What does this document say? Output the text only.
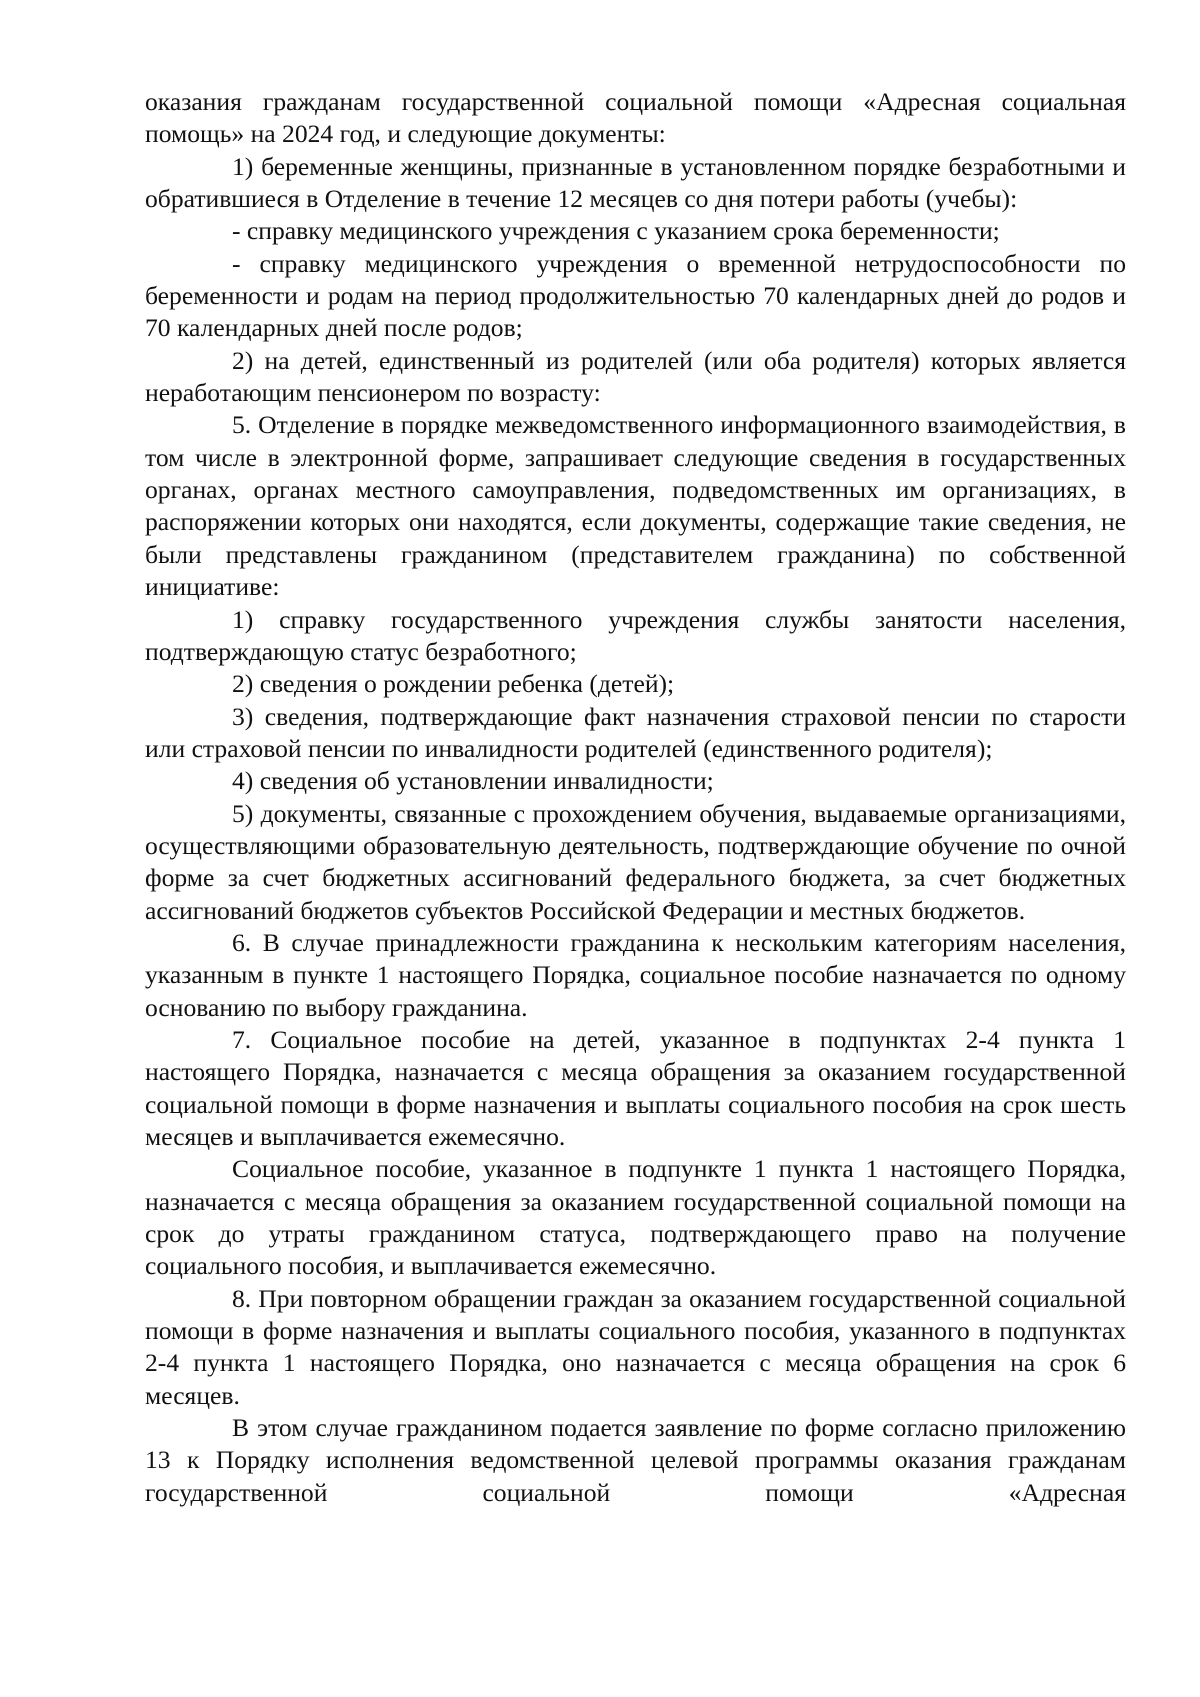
оказания гражданам государственной социальной помощи «Адресная социальная помощь» на 2024 год, и следующие документы:

1) беременные женщины, признанные в установленном порядке безработными и обратившиеся в Отделение в течение 12 месяцев со дня потери работы (учебы):

- справку медицинского учреждения с указанием срока беременности;

- справку медицинского учреждения о временной нетрудоспособности по беременности и родам на период продолжительностью 70 календарных дней до родов и 70 календарных дней после родов;

2) на детей, единственный из родителей (или оба родителя) которых является неработающим пенсионером по возрасту:

5. Отделение в порядке межведомственного информационного взаимодействия, в том числе в электронной форме, запрашивает следующие сведения в государственных органах, органах местного самоуправления, подведомственных им организациях, в распоряжении которых они находятся, если документы, содержащие такие сведения, не были представлены гражданином (представителем гражданина) по собственной инициативе:

1) справку государственного учреждения службы занятости населения, подтверждающую статус безработного;

2) сведения о рождении ребенка (детей);

3) сведения, подтверждающие факт назначения страховой пенсии по старости или страховой пенсии по инвалидности родителей (единственного родителя);

4) сведения об установлении инвалидности;

5) документы, связанные с прохождением обучения, выдаваемые организациями, осуществляющими образовательную деятельность, подтверждающие обучение по очной форме за счет бюджетных ассигнований федерального бюджета, за счет бюджетных ассигнований бюджетов субъектов Российской Федерации и местных бюджетов.

6. В случае принадлежности гражданина к нескольким категориям населения, указанным в пункте 1 настоящего Порядка, социальное пособие назначается по одному основанию по выбору гражданина.

7. Социальное пособие на детей, указанное в подпунктах 2-4 пункта 1 настоящего Порядка, назначается с месяца обращения за оказанием государственной социальной помощи в форме назначения и выплаты социального пособия на срок шесть месяцев и выплачивается ежемесячно.

Социальное пособие, указанное в подпункте 1 пункта 1 настоящего Порядка, назначается с месяца обращения за оказанием государственной социальной помощи на срок до утраты гражданином статуса, подтверждающего право на получение социального пособия, и выплачивается ежемесячно.

8. При повторном обращении граждан за оказанием государственной социальной помощи в форме назначения и выплаты социального пособия, указанного в подпунктах 2-4 пункта 1 настоящего Порядка, оно назначается с месяца обращения на срок 6 месяцев.

В этом случае гражданином подается заявление по форме согласно приложению 13 к Порядку исполнения ведомственной целевой программы оказания гражданам государственной социальной помощи «Адресная
